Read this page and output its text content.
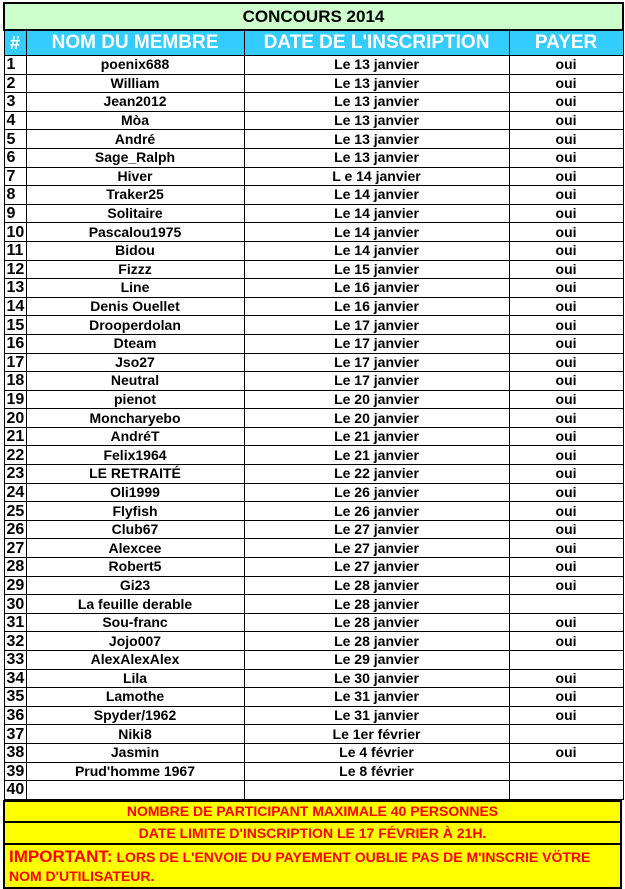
CONCOURS 2014			
#	NOM DU MEMBRE	DATE DE L'INSCRIPTION	PAYER
1	poenix688	Le 13 janvier	oui
2	William	Le 13 janvier	oui
3	Jean2012	Le 13 janvier	oui
4	Mòa	Le 13 janvier	oui
5	André	Le 13 janvier	oui
6	Sage_Ralph	Le 13 janvier	oui
7	Hiver	L e 14 janvier	oui
8	Traker25	Le 14 janvier	oui
9	Solitaire	Le 14 janvier	oui
10	Pascalou1975	Le 14 janvier	oui
11	Bidou	Le 14 janvier	oui
12	Fizzz	Le 15 janvier	oui
13	Line	Le 16 janvier	oui
14	Denis Ouellet	Le 16 janvier	oui
15	Drooperdolan	Le 17 janvier	oui
16	Dteam	Le 17 janvier	oui
17	Jso27	Le 17 janvier	oui
18	Neutral	Le 17 janvier	oui
19	pienot	Le 20 janvier	oui
20	Moncharyebo	Le 20 janvier	oui
21	AndréT	Le 21 janvier	oui
22	Felix1964	Le 21 janvier	oui
23	LE RETRAITÉ	Le 22 janvier	oui
24	Oli1999	Le 26 janvier	oui
25	Flyfish	Le 26 janvier	oui
26	Club67	Le 27 janvier	oui
27	Alexcee	Le 27 janvier	oui
28	Robert5	Le 27 janvier	oui
29	Gi23	Le 28 janvier	oui
30	La feuille derable	Le 28 janvier	
31	Sou-franc	Le 28 janvier	oui
32	Jojo007	Le 28 janvier	oui
33	AlexAlexAlex	Le 29 janvier	
34	Lila	Le 30 janvier	oui
35	Lamothe	Le 31 janvier	oui
36	Spyder/1962	Le 31 janvier	oui
37	Niki8	Le 1er février	
38	Jasmin	Le 4 février	oui
39	Prud'homme 1967	Le 8 février	
40			
NOMBRE DE PARTICIPANT MAXIMALE 40 PERSONNES
DATE LIMITE D'INSCRIPTION LE 17 FÉVRIER À 21H.
IMPORTANT: LORS DE L'ENVOIE DU PAYEMENT OUBLIE PAS DE M'INSCRIE VÖTRE NOM D'UTILISATEUR.
